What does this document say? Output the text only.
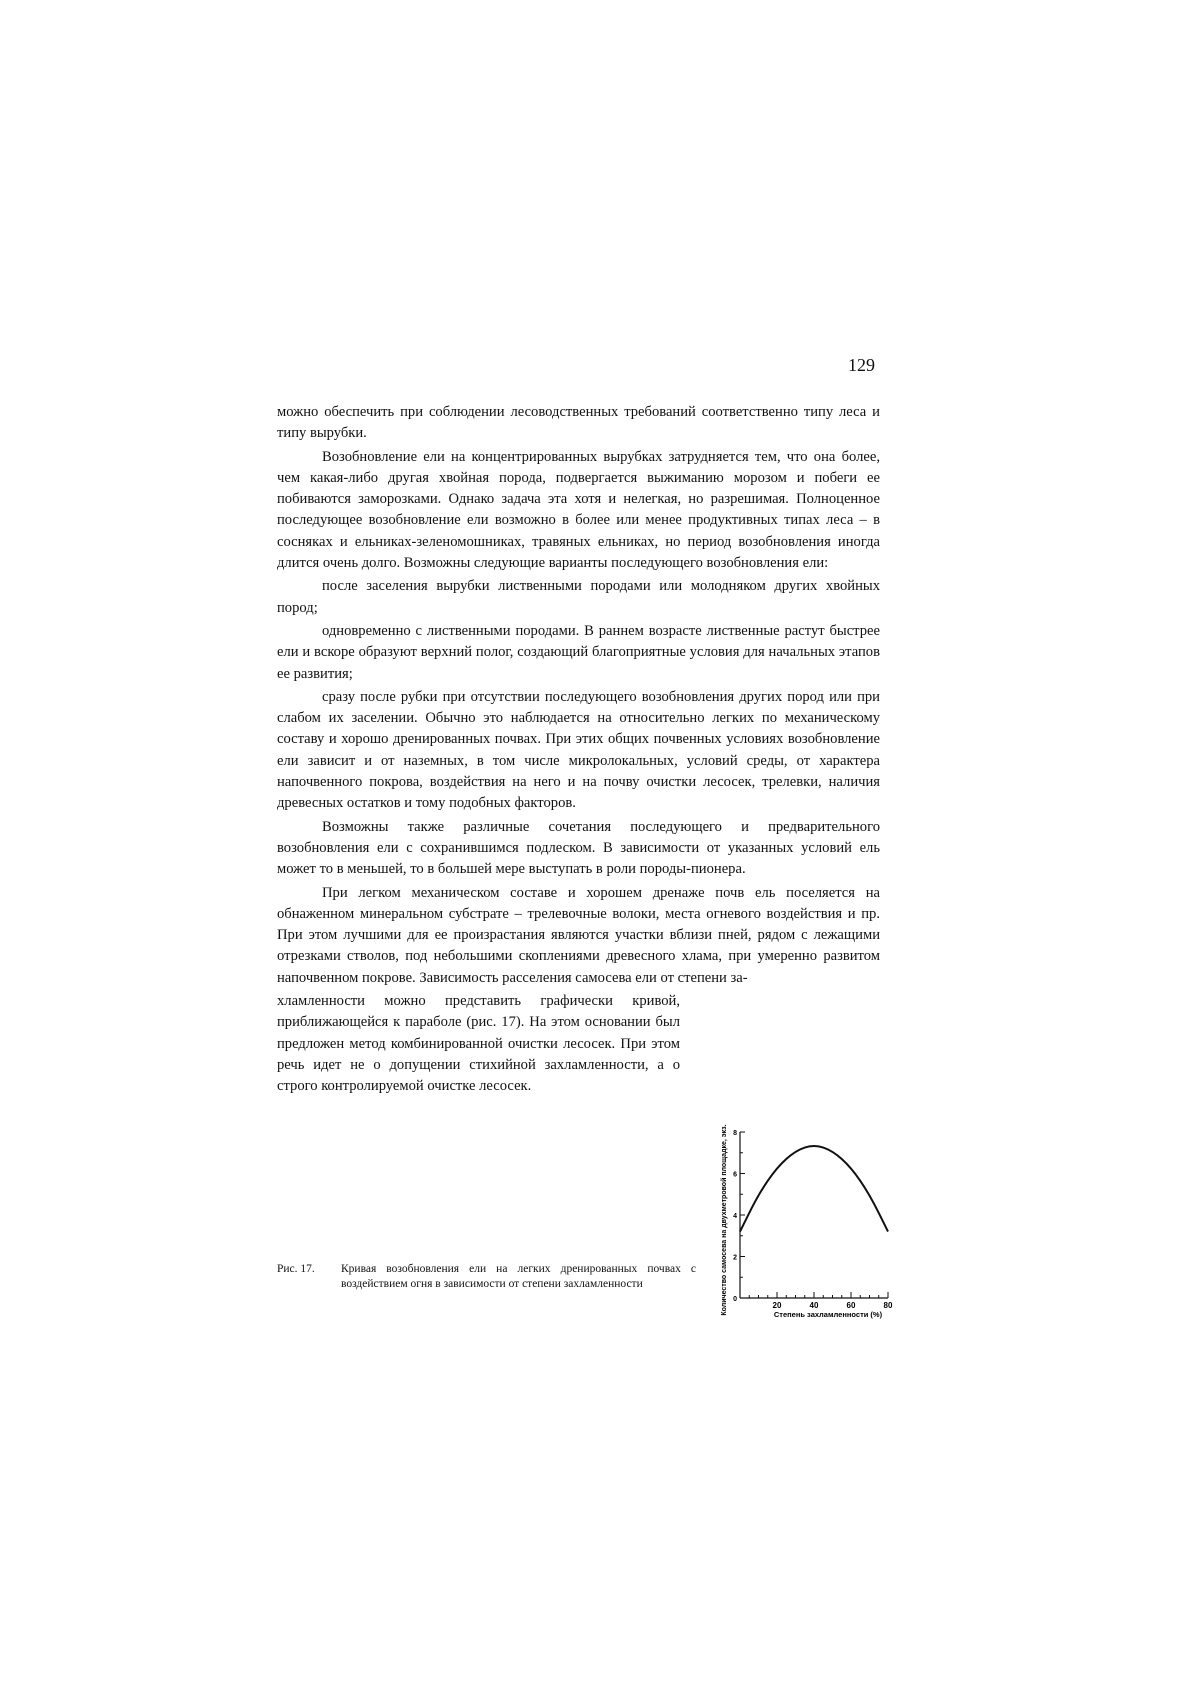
129

можно обеспечить при соблюдении лесоводственных требований соответственно типу леса и типу вырубки.

Возобновление ели на концентрированных вырубках затрудняется тем, что она более, чем какая-либо другая хвойная порода, подвергается выжиманию морозом и побеги ее побиваются заморозками. Однако задача эта хотя и нелегкая, но разрешимая. Полноценное последующее возобновление ели возможно в более или менее продуктивных типах леса – в сосняках и ельниках-зеленомошниках, травяных ельниках, но период возобновления иногда длится очень долго. Возможны следующие варианты последующего возобновления ели:

после заселения вырубки лиственными породами или молодняком других хвойных пород;

одновременно с лиственными породами. В раннем возрасте лиственные растут быстрее ели и вскоре образуют верхний полог, создающий благоприятные условия для начальных этапов ее развития;

сразу после рубки при отсутствии последующего возобновления других пород или при слабом их заселении. Обычно это наблюдается на относительно легких по механическому составу и хорошо дренированных почвах. При этих общих почвенных условиях возобновление ели зависит и от наземных, в том числе микролокальных, условий среды, от характера напочвенного покрова, воздействия на него и на почву очистки лесосек, трелевки, наличия древесных остатков и тому подобных факторов.

Возможны также различные сочетания последующего и предварительного возобновления ели с сохранившимся подлеском. В зависимости от указанных условий ель может то в меньшей, то в большей мере выступать в роли породы-пионера.

При легком механическом составе и хорошем дренаже почв ель поселяется на обнаженном минеральном субстрате – трелевочные волоки, места огневого воздействия и пр. При этом лучшими для ее произрастания являются участки вблизи пней, рядом с лежащими отрезками стволов, под небольшими скоплениями древесного хлама, при умеренно развитом напочвенном покрове. Зависимость расселения самосева ели от степени за-

хламленности можно представить графически кривой, приближающейся к параболе (рис. 17). На этом основании был предложен метод комбинированной очистки лесосек. При этом речь идет не о допущении стихийной захламленности, а о строго контролируемой очистке лесосек.

Количество самосева на двухметровой площадке, экз.	Степень захламленности (%)
20	40	60	80
0
2
4
6
8
Рис. 17. Кривая возобновления ели на легких дренированных почвах с воздействием огня в зависимости от степени захламленности
